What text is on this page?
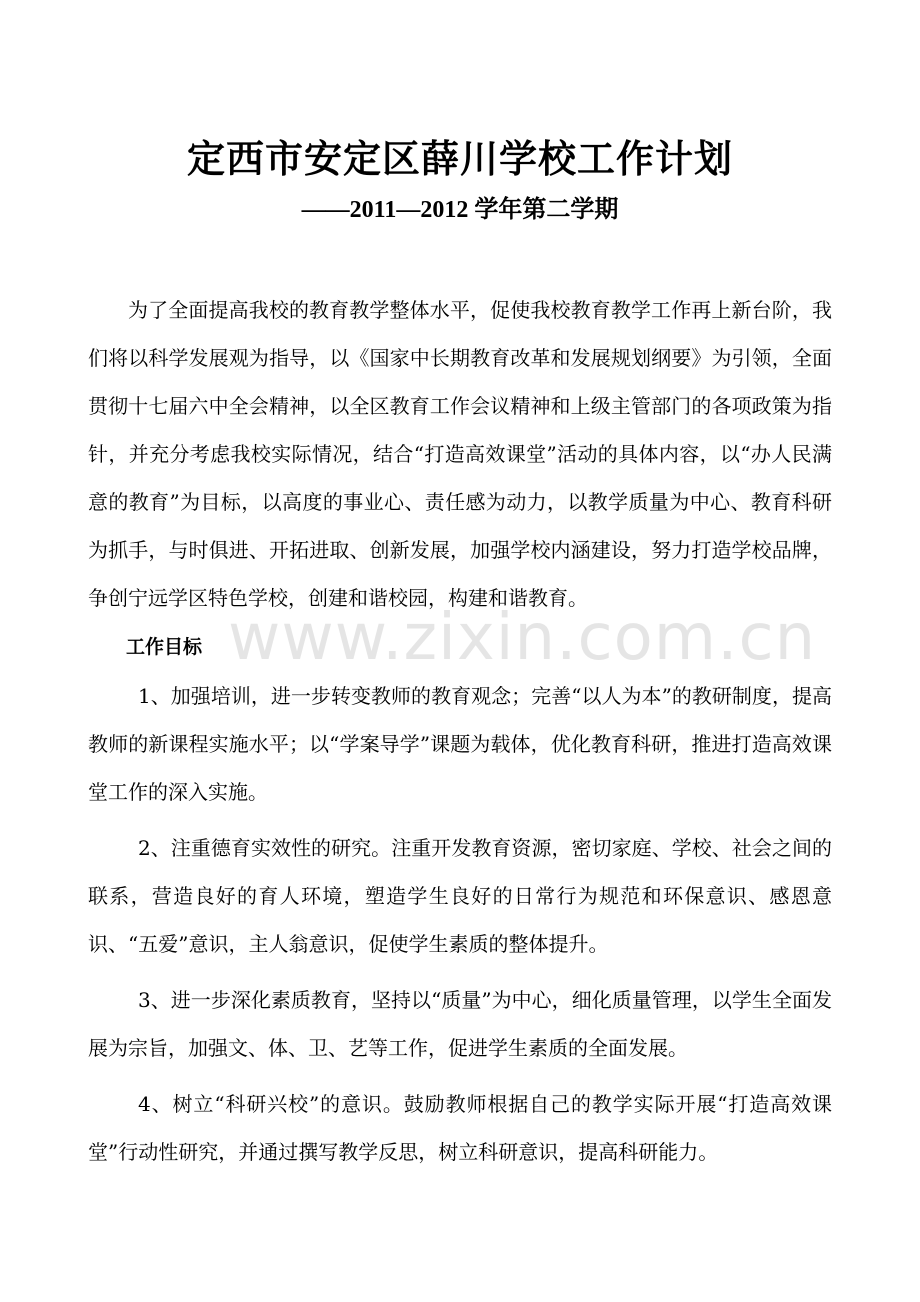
定西市安定区薛川学校工作计划
——2011—2012 学年第二学期

为了全面提高我校的教育教学整体水平，促使我校教育教学工作再上新台阶，我们将以科学发展观为指导，以《国家中长期教育改革和发展规划纲要》为引领，全面贯彻十七届六中全会精神，以全区教育工作会议精神和上级主管部门的各项政策为指针，并充分考虑我校实际情况，结合“打造高效课堂”活动的具体内容，以“办人民满意的教育”为目标，以高度的事业心、责任感为动力，以教学质量为中心、教育科研为抓手，与时俱进、开拓进取、创新发展，加强学校内涵建设，努力打造学校品牌，争创宁远学区特色学校，创建和谐校园，构建和谐教育。

工作目标

1、加强培训，进一步转变教师的教育观念；完善“以人为本”的教研制度，提高教师的新课程实施水平；以“学案导学”课题为载体，优化教育科研，推进打造高效课堂工作的深入实施。

2、注重德育实效性的研究。注重开发教育资源，密切家庭、学校、社会之间的联系，营造良好的育人环境，塑造学生良好的日常行为规范和环保意识、感恩意识、“五爱”意识，主人翁意识，促使学生素质的整体提升。

3、进一步深化素质教育，坚持以“质量”为中心，细化质量管理，以学生全面发展为宗旨，加强文、体、卫、艺等工作，促进学生素质的全面发展。

4、树立“科研兴校”的意识。鼓励教师根据自己的教学实际开展“打造高效课堂”行动性研究，并通过撰写教学反思，树立科研意识，提高科研能力。

www.zixin.com.cn
